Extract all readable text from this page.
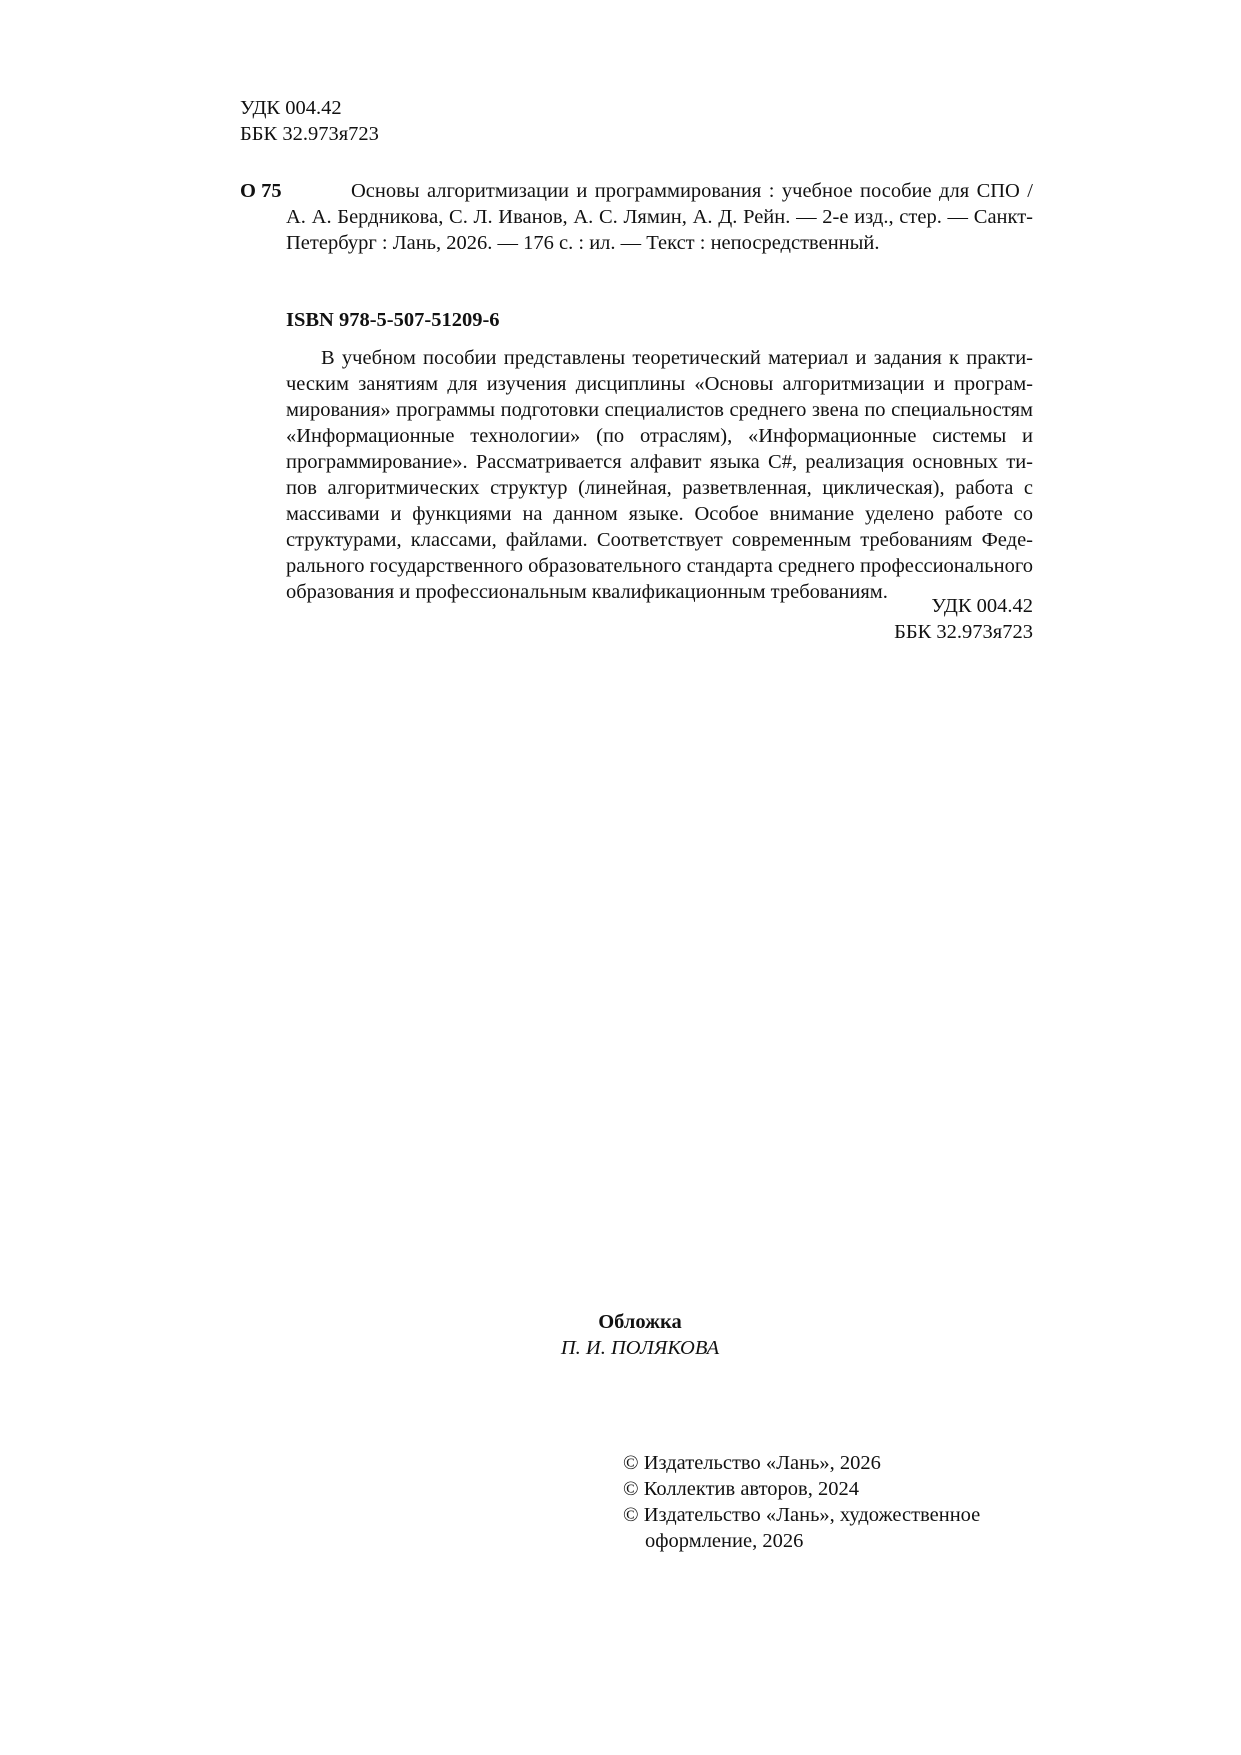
УДК 004.42
ББК 32.973я723
О 75	Основы алгоритмизации и программирования : учебное пособие для СПО / А. А. Бердникова, С. Л. Иванов, А. С. Лямин, А. Д. Рейн. — 2-е изд., стер. — Санкт-Петербург : Лань, 2026. — 176 с. : ил. — Текст : непосредственный.

ISBN 978-5-507-51209-6

В учебном пособии представлены теоретический материал и задания к практическим занятиям для изучения дисциплины «Основы алгоритмизации и программирования» программы подготовки специалистов среднего звена по специальностям «Информационные технологии» (по отраслям), «Информационные системы и программирование». Рассматривается алфавит языка C#, реализация основных типов алгоритмических структур (линейная, разветвленная, циклическая), работа с массивами и функциями на данном языке. Особое внимание уделено работе со структурами, классами, файлами. Соответствует современным требованиям Федерального государственного образовательного стандарта среднего профессионального образования и профессиональным квалификационным требованиям.

УДК 004.42
ББК 32.973я723
Обложка
П. И. ПОЛЯКОВА
© Издательство «Лань», 2026
© Коллектив авторов, 2024
© Издательство «Лань», художественное оформление, 2026
